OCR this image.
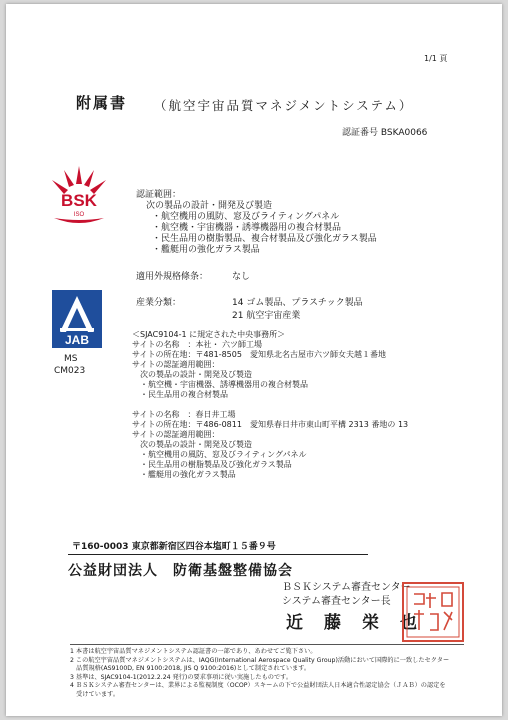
1/1 頁
附属書 （航空宇宙品質マネジメントシステム）
認証番号 BSKA0066
BSK
ISO
JAB
MS
CM023
認証範囲：
次の製品の設計・開発及び製造
・航空機用の風防、窓及びライティングパネル
・航空機・宇宙機器・誘導機器用の複合材製品
・民生品用の樹脂製品、複合材製品及び強化ガラス製品
・艦艇用の強化ガラス製品
適用外規格條条：	なし
産業分類：	14 ゴム製品、プラスチック製品
21 航空宇宙産業
＜SJAC9104-1 に規定された中央事務所＞
サイトの名称　：本社・ 六ツ師工場
サイトの所在地：〒481-8505　愛知県北名古屋市六ツ師女夫越１番地
サイトの認証適用範囲：
　次の製品の設計・開発及び製造
　・航空機・宇宙機器、誘導機器用の複合材製品
　・民生品用の複合材製品
サイトの名称　：春日井工場
サイトの所在地：〒486-0811　愛知県春日井市東山町平構 2313 番地の 13
サイトの認証適用範囲：
　次の製品の設計・開発及び製造
　・航空機用の風防、窓及びライティングパネル
　・民生品用の樹脂製品及び強化ガラス製品
　・艦艇用の強化ガラス製品
〒160-0003 東京都新宿区四谷本塩町１５番９号
公益財団法人　防衛基盤整備協会
ＢＳＫシステム審査センター
システム審査センター長
近　藤　栄　也
1 本書は航空宇宙品質マネジメントシステム認証書の一部であり、あわせてご覧下さい。
2 この航空宇宙品質マネジメントシステムは、IAQG(International Aerospace Quality Group)活動において国際的に一致したセクター
　品質規格(AS9100D, EN 9100:2018, JIS Q 9100:2016)として制定されています。
3 基準は、SJAC9104-1(2012.2.24 発行)の要求事項に従い実施したものです。
4 ＢＳＫシステム審査センターは、業界による監視制度（OCOP）スキームの下で公益財団法人日本適合性認定協会（ＪＡＢ）の認定を
　受けています。
